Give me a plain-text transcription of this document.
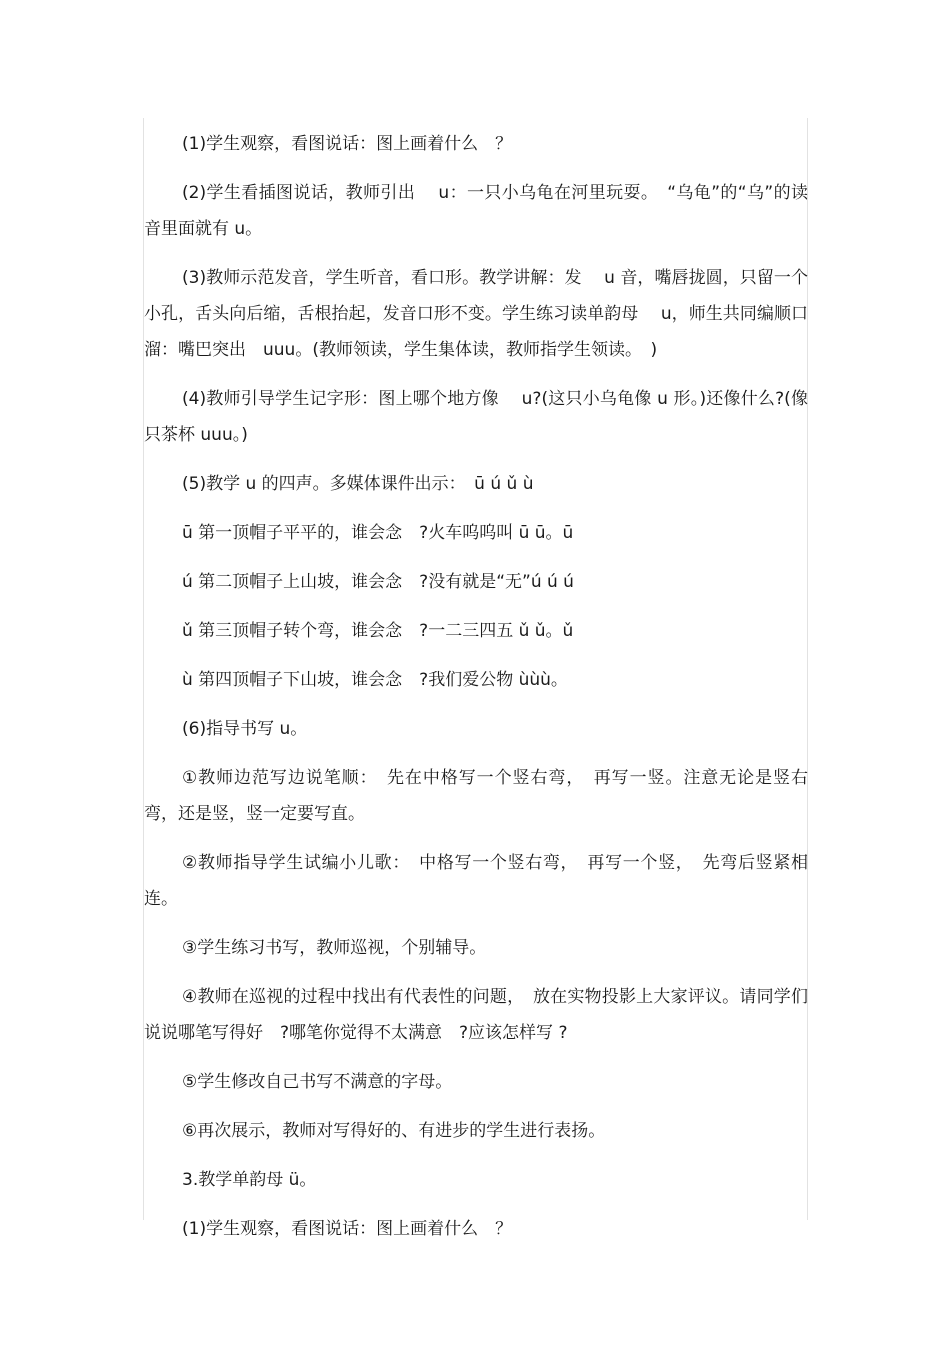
(1)学生观察，看图说话：图上画着什么　？

(2)学生看插图说话，教师引出　 u：一只小乌龟在河里玩耍。　“乌龟”的“乌”的读音里面就有 u。

(3)教师示范发音，学生听音，看口形。教学讲解：发　 u 音，嘴唇拢圆，只留一个小孔，舌头向后缩，舌根抬起，发音口形不变。学生练习读单韵母　 u，师生共同编顺口溜：嘴巴突出　uuu。(教师领读，学生集体读，教师指学生领读。　)

(4)教师引导学生记字形：图上哪个地方像　 u?(这只小乌龟像 u 形。)还像什么?(像只茶杯 uuu。)

(5)教学 u 的四声。多媒体课件出示：　ū ú ǔ ù

ū 第一顶帽子平平的，谁会念　?火车呜呜叫 ū ū。ū

ú 第二顶帽子上山坡，谁会念　?没有就是“无”ú ú ú

ǔ 第三顶帽子转个弯，谁会念　?一二三四五 ǔ ǔ。ǔ

ù 第四顶帽子下山坡，谁会念　?我们爱公物 ùùù。

(6)指导书写 u。

①教师边范写边说笔顺：　先在中格写一个竖右弯，　再写一竖。注意无论是竖右弯，还是竖，竖一定要写直。

②教师指导学生试编小儿歌：　中格写一个竖右弯，　再写一个竖，　先弯后竖紧相连。

③学生练习书写，教师巡视，个别辅导。

④教师在巡视的过程中找出有代表性的问题，　放在实物投影上大家评议。请同学们说说哪笔写得好　?哪笔你觉得不太满意　?应该怎样写 ?

⑤学生修改自己书写不满意的字母。

⑥再次展示，教师对写得好的、有进步的学生进行表扬。

3.教学单韵母 ü。

(1)学生观察，看图说话：图上画着什么　？
